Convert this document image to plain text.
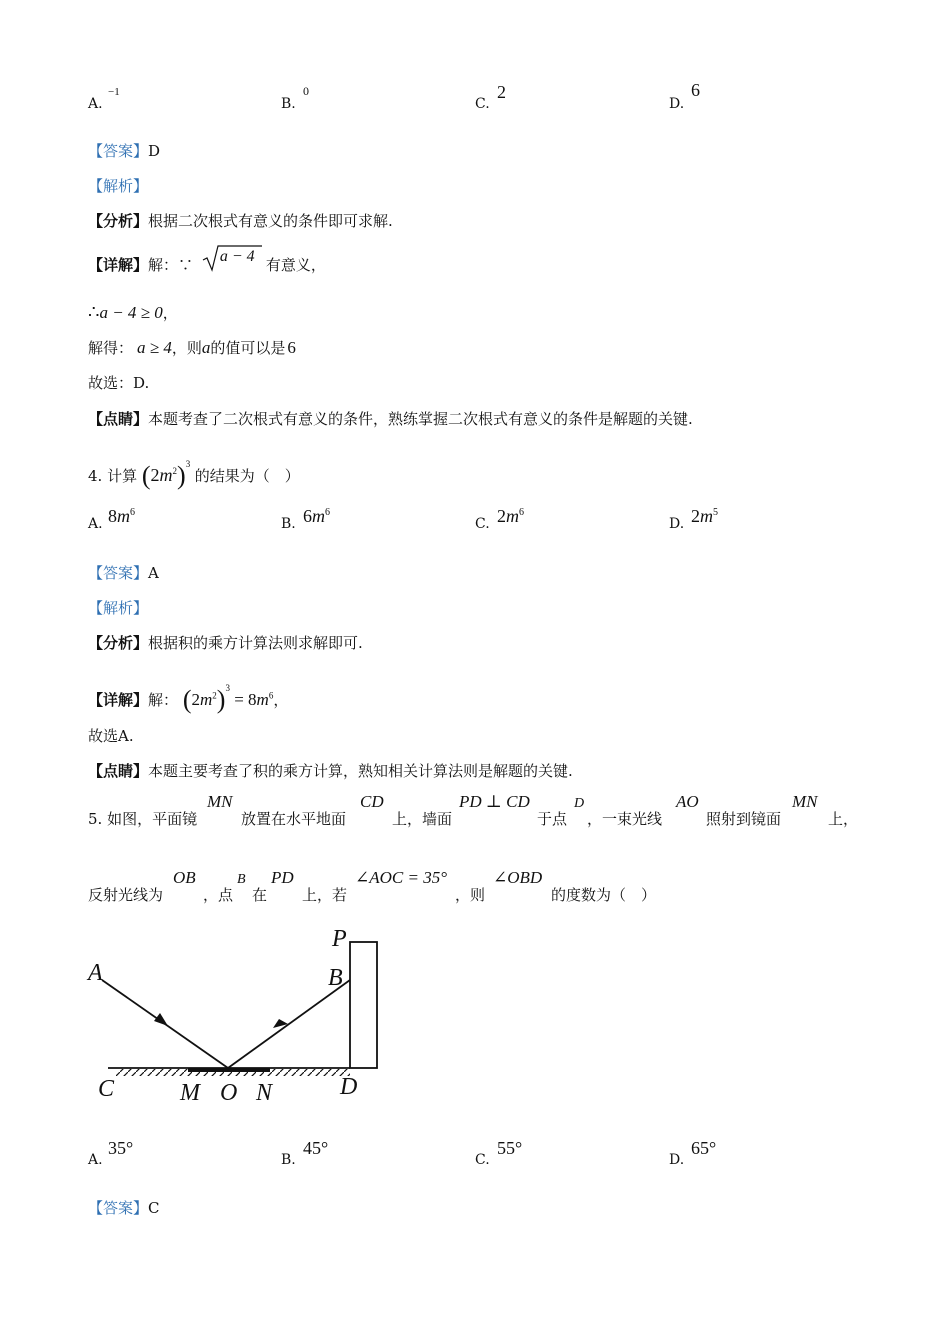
A.
−1
B.
0
C.
2
D.
6
【答案】D
【解析】
【分析】根据二次根式有意义的条件即可求解.
【详解】解：∵ a − 4 有意义，
∴a − 4 ≥ 0，
解得： a ≥ 4，则a的值可以是 6
故选：D.
【点睛】本题考查了二次根式有意义的条件，熟练掌握二次根式有意义的条件是解题的关键.
4. 计算 $(2m^2)^3$ 的结果为（　）
A. $8m^6$
B. $6m^6$
C. $2m^6$
D. $2m^5$
【答案】A
【解析】
【分析】根据积的乘方计算法则求解即可.
【详解】解： $(2m^2)^3 = 8m^6$，
故选A.
【点睛】本题主要考查了积的乘方计算，熟知相关计算法则是解题的关键.
5. 如图，平面镜
MN
放置在水平地面
CD
上，墙面
PD ⊥ CD
于点
D
，一束光线
AO
照射到镜面
MN
上，
反射光线为
OB
，点
B
在
PD
上，若
∠AOC = 35°
，则
∠OBD
的度数为（　）
P
A	B
C	M O N	D
A.
35°
B.
45°
C.
55°
D.
65°
【答案】C
